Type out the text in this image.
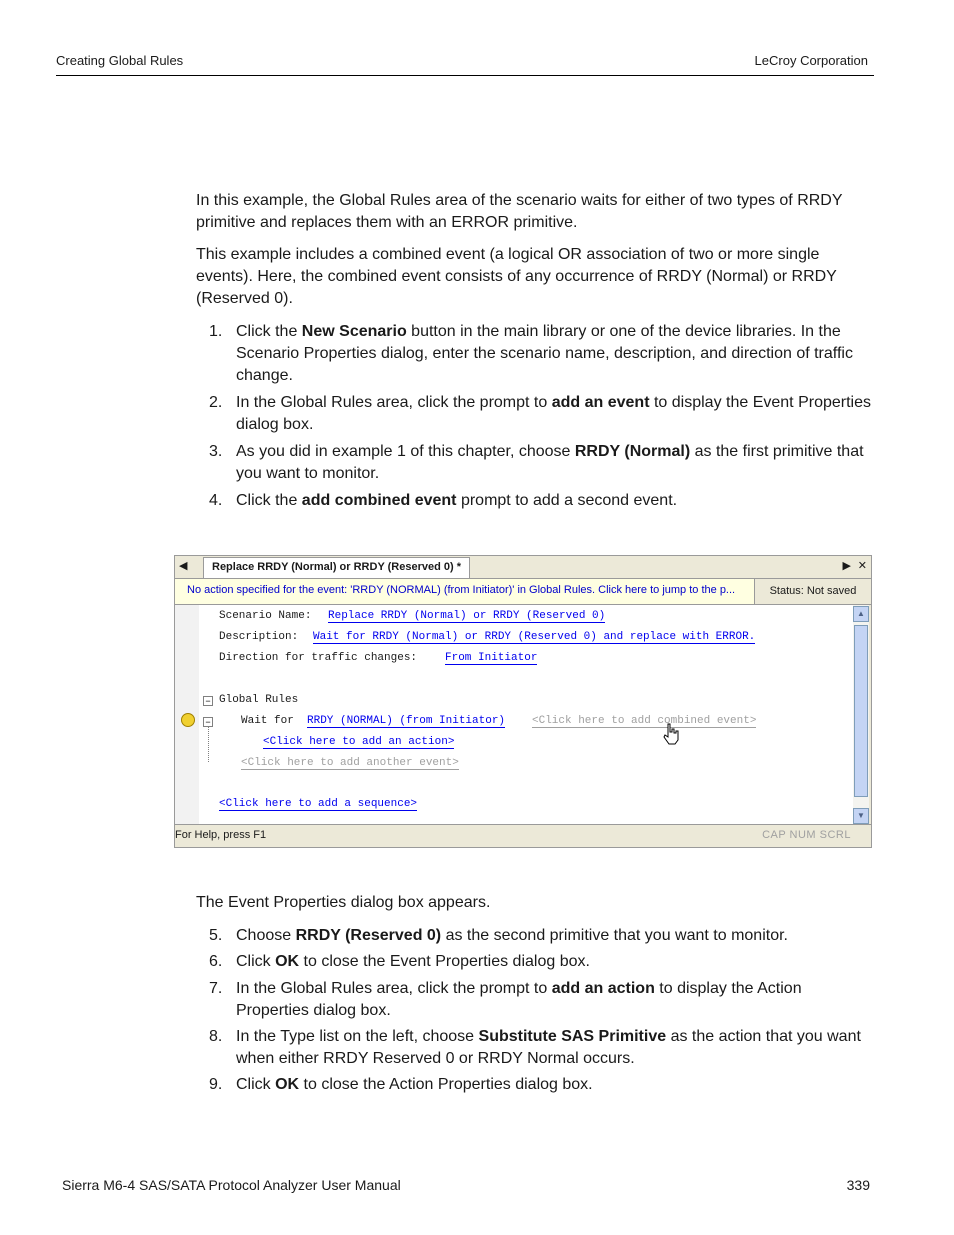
Creating Global Rules	LeCroy Corporation
In this example, the Global Rules area of the scenario waits for either of two types of RRDY primitive and replaces them with an ERROR primitive.
This example includes a combined event (a logical OR association of two or more single events). Here, the combined event consists of any occurrence of RRDY (Normal) or RRDY (Reserved 0).
1. Click the New Scenario button in the main library or one of the device libraries. In the Scenario Properties dialog, enter the scenario name, description, and direction of traffic change.
2. In the Global Rules area, click the prompt to add an event to display the Event Properties dialog box.
3. As you did in example 1 of this chapter, choose RRDY (Normal) as the first primitive that you want to monitor.
4. Click the add combined event prompt to add a second event.
◀	Replace RRDY (Normal) or RRDY (Reserved 0) *	▶ ✕
No action specified for the event: 'RRDY (NORMAL) (from Initiator)' in Global Rules. Click here to jump to the p...	Status: Not saved
Scenario Name: Replace RRDY (Normal) or RRDY (Reserved 0)
Description: Wait for RRDY (Normal) or RRDY (Reserved 0) and replace with ERROR.
Direction for traffic changes:	From Initiator
− Global Rules
−	Wait for RRDY (NORMAL) (from Initiator) <Click here to add combined event>
<Click here to add an action>
<Click here to add another event>
<Click here to add a sequence>
▲
▼
For Help, press F1	CAP NUM SCRL
The Event Properties dialog box appears.
5. Choose RRDY (Reserved 0) as the second primitive that you want to monitor.
6. Click OK to close the Event Properties dialog box.
7. In the Global Rules area, click the prompt to add an action to display the Action Properties dialog box.
8. In the Type list on the left, choose Substitute SAS Primitive as the action that you want when either RRDY Reserved 0 or RRDY Normal occurs.
9. Click OK to close the Action Properties dialog box.
Sierra M6-4 SAS/SATA Protocol Analyzer User Manual	339
